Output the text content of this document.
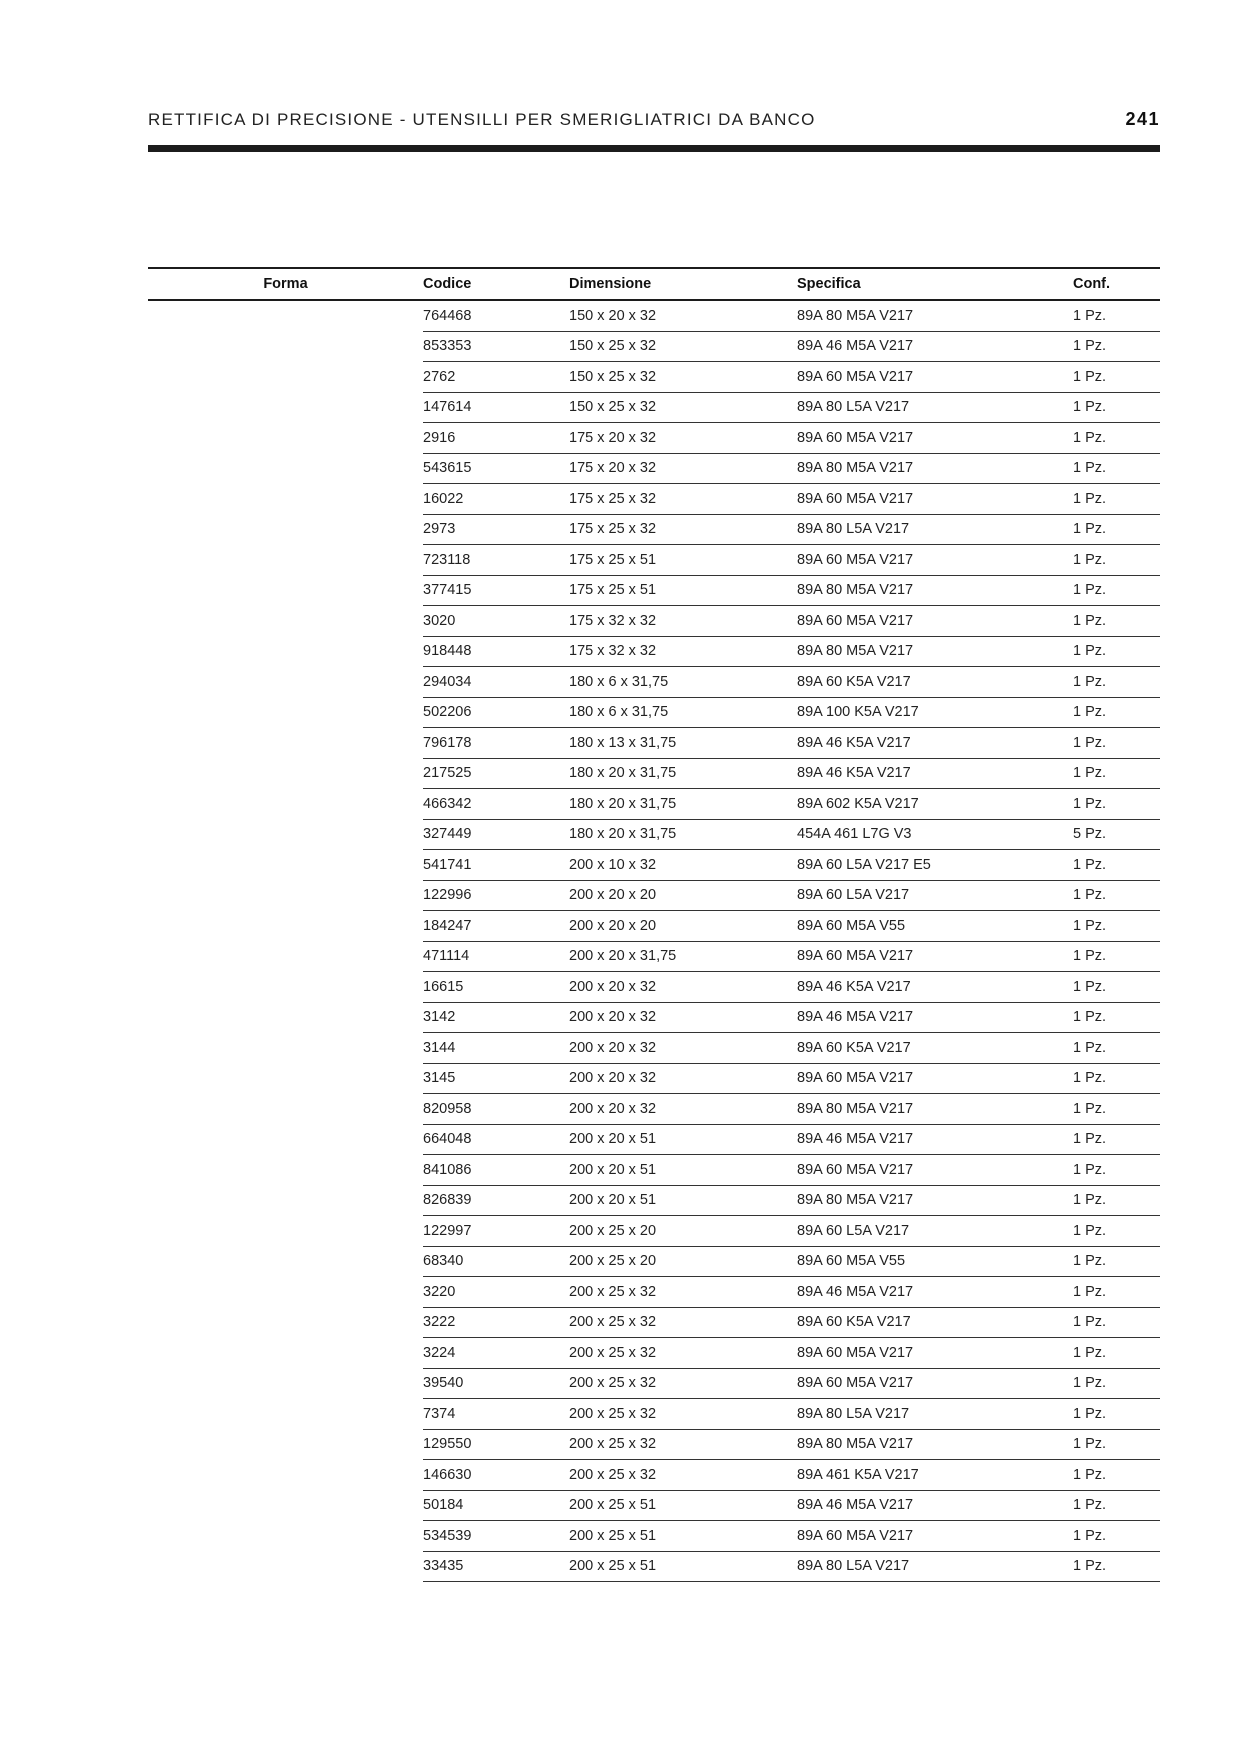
RETTIFICA DI PRECISIONE - UTENSILLI PER SMERIGLIATRICI DA BANCO	241
Forma	Codice	Dimensione	Specifica	Conf.
	764468	150 x 20 x 32	89A 80 M5A V217	1 Pz.
	853353	150 x 25 x 32	89A 46 M5A V217	1 Pz.
	2762	150 x 25 x 32	89A 60 M5A V217	1 Pz.
	147614	150 x 25 x 32	89A 80 L5A V217	1 Pz.
	2916	175 x 20 x 32	89A 60 M5A V217	1 Pz.
	543615	175 x 20 x 32	89A 80 M5A V217	1 Pz.
	16022	175 x 25 x 32	89A 60 M5A V217	1 Pz.
	2973	175 x 25 x 32	89A 80 L5A V217	1 Pz.
	723118	175 x 25 x 51	89A 60 M5A V217	1 Pz.
	377415	175 x 25 x 51	89A 80 M5A V217	1 Pz.
	3020	175 x 32 x 32	89A 60 M5A V217	1 Pz.
	918448	175 x 32 x 32	89A 80 M5A V217	1 Pz.
	294034	180 x 6 x 31,75	89A 60 K5A V217	1 Pz.
	502206	180 x 6 x 31,75	89A 100 K5A V217	1 Pz.
	796178	180 x 13 x 31,75	89A 46 K5A V217	1 Pz.
	217525	180 x 20 x 31,75	89A 46 K5A V217	1 Pz.
	466342	180 x 20 x 31,75	89A 602 K5A V217	1 Pz.
	327449	180 x 20 x 31,75	454A 461 L7G V3	5 Pz.
	541741	200 x 10 x 32	89A 60 L5A V217 E5	1 Pz.
	122996	200 x 20 x 20	89A 60 L5A V217	1 Pz.
	184247	200 x 20 x 20	89A 60 M5A V55	1 Pz.
	471114	200 x 20 x 31,75	89A 60 M5A V217	1 Pz.
	16615	200 x 20 x 32	89A 46 K5A V217	1 Pz.
	3142	200 x 20 x 32	89A 46 M5A V217	1 Pz.
	3144	200 x 20 x 32	89A 60 K5A V217	1 Pz.
	3145	200 x 20 x 32	89A 60 M5A V217	1 Pz.
	820958	200 x 20 x 32	89A 80 M5A V217	1 Pz.
	664048	200 x 20 x 51	89A 46 M5A V217	1 Pz.
	841086	200 x 20 x 51	89A 60 M5A V217	1 Pz.
	826839	200 x 20 x 51	89A 80 M5A V217	1 Pz.
	122997	200 x 25 x 20	89A 60 L5A V217	1 Pz.
	68340	200 x 25 x 20	89A 60 M5A V55	1 Pz.
	3220	200 x 25 x 32	89A 46 M5A V217	1 Pz.
	3222	200 x 25 x 32	89A 60 K5A V217	1 Pz.
	3224	200 x 25 x 32	89A 60 M5A V217	1 Pz.
	39540	200 x 25 x 32	89A 60 M5A V217	1 Pz.
	7374	200 x 25 x 32	89A 80 L5A V217	1 Pz.
	129550	200 x 25 x 32	89A 80 M5A V217	1 Pz.
	146630	200 x 25 x 32	89A 461 K5A V217	1 Pz.
	50184	200 x 25 x 51	89A 46 M5A V217	1 Pz.
	534539	200 x 25 x 51	89A 60 M5A V217	1 Pz.
	33435	200 x 25 x 51	89A 80 L5A V217	1 Pz.
